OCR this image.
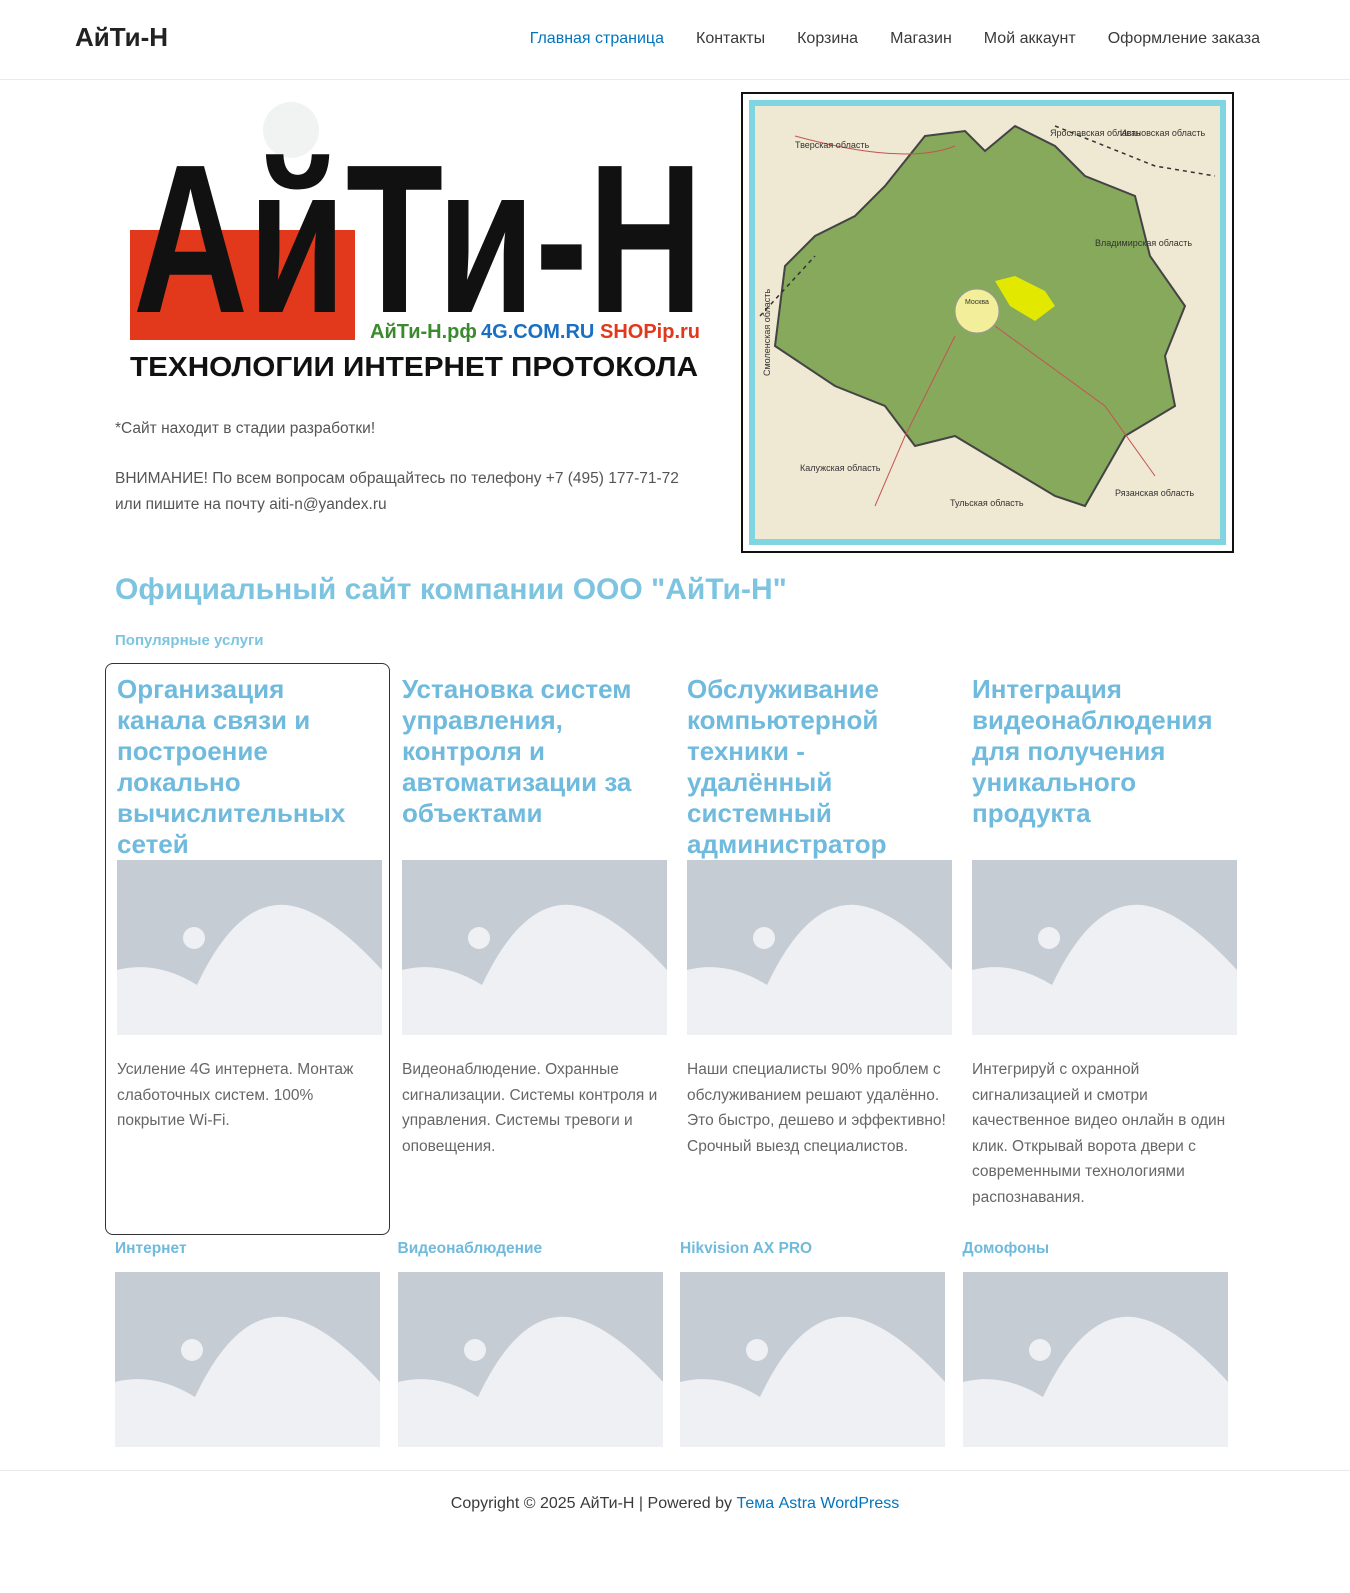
АйТи-Н	Главная страница Контакты Корзина Магазин Мой аккаунт Оформление заказа
АйТи-Н
АйТи-Н.рф 4G.COM.RU SHOPip.ru
ТЕХНОЛОГИИ ИНТЕРНЕТ ПРОТОКОЛА

*Сайт находит в стадии разработки!

ВНИМАНИЕ! По всем вопросам обращайтесь по телефону +7 (495) 177-71-72
или пишите на почту aiti-n@yandex.ru
Тверская область
Ярославская область
Ивановская область
Владимирская область
Смоленская область
Калужская область
Тульская область
Рязанская область
Москва
Официальный сайт компании ООО "АйТи-Н"
Популярные услуги
Организация канала связи и построение локально вычислительных сетей

Усиление 4G интернета. Монтаж слаботочных систем. 100% покрытие Wi-Fi.

Установка систем управления, контроля и автоматизации за объектами

Видеонаблюдение. Охранные сигнализации. Системы контроля и управления. Системы тревоги и оповещения.

Обслуживание компьютерной техники - удалённый системный администратор

Наши специалисты 90% проблем с обслуживанием решают удалённо. Это быстро, дешево и эффективно! Срочный выезд специалистов.

Интеграция видеонаблюдения для получения уникального продукта

Интегрируй с охранной сигнализацией и смотри качественное видео онлайн в один клик. Открывай ворота двери с современными технологиями распознавания.

Интернет	Видеонаблюдение	Hikvision AX PRO	Домофоны
Copyright © 2025 АйТи-Н | Powered by Тема Astra WordPress
